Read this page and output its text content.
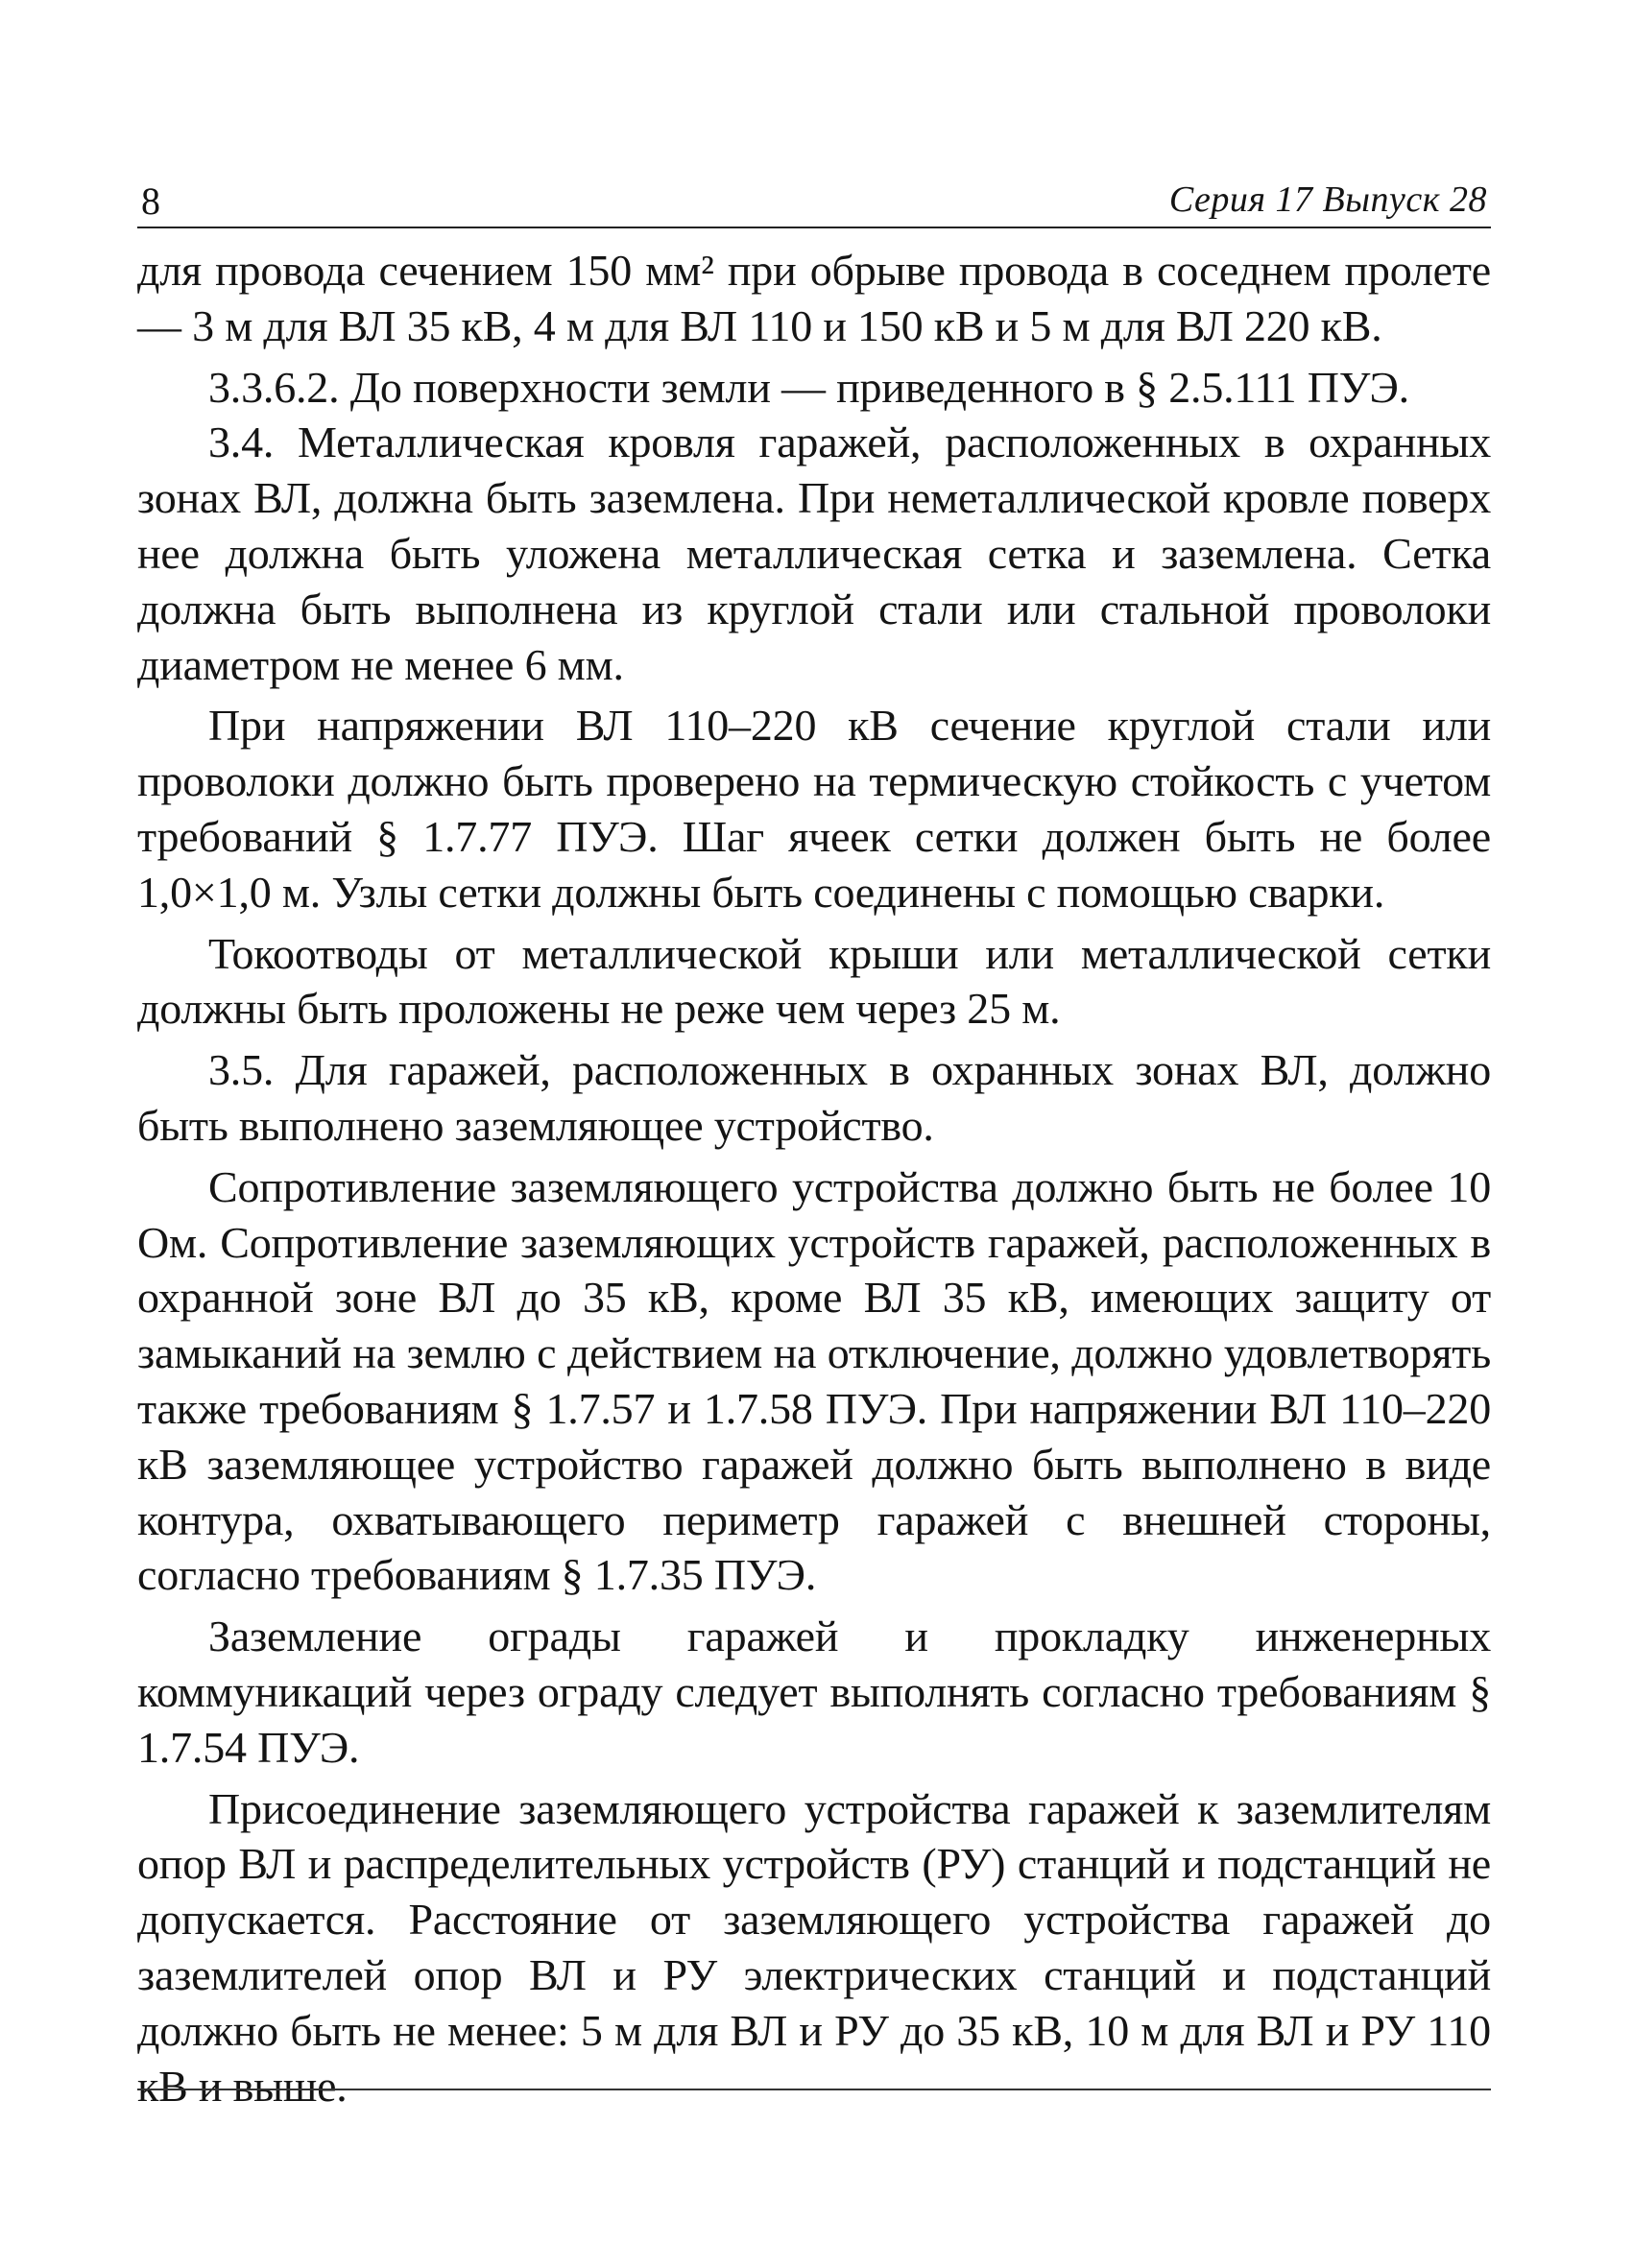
8	Серия 17 Выпуск 28

для провода сечением 150 мм² при обрыве провода в соседнем пролете — 3 м для ВЛ 35 кВ, 4 м для ВЛ 110 и 150 кВ и 5 м для ВЛ 220 кВ.

3.3.6.2. До поверхности земли — приведенного в § 2.5.111 ПУЭ.

3.4. Металлическая кровля гаражей, расположенных в охранных зонах ВЛ, должна быть заземлена. При неметаллической кровле поверх нее должна быть уложена металлическая сетка и заземлена. Сетка должна быть выполнена из круглой стали или стальной проволоки диаметром не менее 6 мм.

При напряжении ВЛ 110–220 кВ сечение круглой стали или проволоки должно быть проверено на термическую стойкость с учетом требований § 1.7.77 ПУЭ. Шаг ячеек сетки должен быть не более 1,0×1,0 м. Узлы сетки должны быть соединены с помощью сварки.

Токоотводы от металлической крыши или металлической сетки должны быть проложены не реже чем через 25 м.

3.5. Для гаражей, расположенных в охранных зонах ВЛ, должно быть выполнено заземляющее устройство.

Сопротивление заземляющего устройства должно быть не более 10 Ом. Сопротивление заземляющих устройств гаражей, расположенных в охранной зоне ВЛ до 35 кВ, кроме ВЛ 35 кВ, имеющих защиту от замыканий на землю с действием на отключение, должно удовлетворять также требованиям § 1.7.57 и 1.7.58 ПУЭ. При напряжении ВЛ 110–220 кВ заземляющее устройство гаражей должно быть выполнено в виде контура, охватывающего периметр гаражей с внешней стороны, согласно требованиям § 1.7.35 ПУЭ.

Заземление ограды гаражей и прокладку инженерных коммуникаций через ограду следует выполнять согласно требованиям § 1.7.54 ПУЭ.

Присоединение заземляющего устройства гаражей к заземлителям опор ВЛ и распределительных устройств (РУ) станций и подстанций не допускается. Расстояние от заземляющего устройства гаражей до заземлителей опор ВЛ и РУ электрических станций и подстанций должно быть не менее: 5 м для ВЛ и РУ до 35 кВ, 10 м для ВЛ и РУ 110 кВ и выше.
